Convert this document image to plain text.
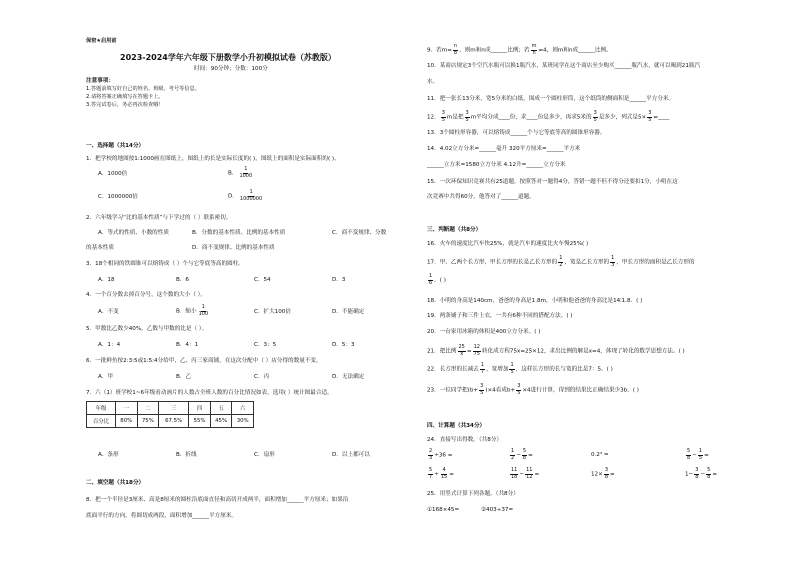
保密★启用前
2023-2024学年六年级下册数学小升初模拟试卷（苏教版）
时间：90分钟；分数：100分
注意事项：
1.答题前填写好自己的姓名、班级、考号等信息。
2.请将答案正确填写在答题卡上。
3.答完试卷后，务必再次检查哦！
一、选择题（共14分）
1．把学校的地图按1:1000画在图纸上，图纸上的长是实际长度的( )，图纸上的面积是实际面积的( )。
A．1000倍	B． $\frac{1}{1000}$
C．1000000倍	D． $\frac{1}{1000000}$
2．六年级学习“比的基本性质”与下学过的（ ）联系密切。
A．等式的性质、小数的性质	B．分数的基本性质、比例的基本性质	C．商不变规律、分数
的基本性质	D．商不变规律、比例的基本性质
3．18个相同的铁圆锥可以熔铸成（ ）个与它等底等高的圆柱。
A．18	B．6	C．54	D．3
4．一个百分数去掉百分号，这个数的大小（ ）。
A．不变	B．缩小 $\frac{1}{100}$	C．扩大100倍	D．不能确定
5．甲数比乙数少40%，乙数与甲数的比是（ ）。
A．1：4	B．4：1	C．3：5	D．5：3
6．一批鲜鱼按2:3:5或1:5:4分给甲、乙、丙三家商铺，在这次分配中（ ）店分得的数量不变。
A．甲	B．乙	C．丙	D．无法确定
7．六（1）班学校1~6年级看动画片的人数占全班人数的百分比情况如表，选用( ）统计图最合适。
年级	一	二	三	四	五	六
百分比	80%	75%	67.5%	55%	45%	30%
A．条形	B．折线	C．扇形	D．以上都可以
二、填空题（共18分）
8．把一个半径是3厘米、高是8厘米的圆柱沿底面直径和高切开成两半，面积增加______平方厘米；如果沿
底面平行的方向，将圆切成两段，面积增加______平方厘米。
9．若$m= \frac{n}{8}$ ，则m和n成______比例；若 $\frac{m}{n} =4$，则m和n成______比例。
10．某商店规定3个空汽水瓶可以换1瓶汽水，某班同学在这个商店至少购买______瓶汽水，就可以喝到21瓶汽
水。
11．把一张长13分米，宽5分米的白纸，围成一个圆柱形筒，这个纸筒的侧面积是______平方分米。
12． $\frac{3}{5}$ m是把 $\frac{3}{5}$ m平均分成____份，求____份是多少，再求5米的 $\frac{3}{5}$ 是多少，列式是$5\times \frac{3}{5}$ =____
13．3个圆柱形容器，可以熔铸成______个与它等底等高的圆锥形容器。
14．4.02立方分米=______毫升 320平方厘米=______平方米
______立方米=1580立方分米 4.12升=______立方分米
15．一次环保知识竞赛共有25道题，按照答对一题得4分，答错一题不但不得分还要扣1分，小明在这
次竞赛中共得60分，他答对了______道题。
三、判断题（共8分）
16．火车的速度比汽车快25%，就是汽车的速度比火车慢25%( )
17．甲、乙两个长方形，甲长方形的长是乙长方形的 $\frac{1}{2}$ ，宽是乙长方形的 $\frac{1}{3}$ ，甲长方形的面积是乙长方形的
$\frac{1}{6}$ 。( )
18．小明的身高是140cm，爸爸的身高是1.8m，小明和他爸爸的身高比是14∶1.8．( )
19．两条铺子和三件上衣，一共有6种不同的搭配方法。( )
20．一台家用冰箱的体积是400立方分米。( )
21．把比例 $\frac{25}{x} = \frac{12}{75}$ 转化成方程75x=25×12，求出比例的解是x=4，体现了转化的数学思想方法。( )
22．长方形的长减去 $\frac{1}{7}$ ，宽增加 $\frac{1}{5}$ ，这样长方形的长与宽的比是7：5。( )
23．一位同学把$(b+ \frac{3}{5} )\times 4$看成$b+ \frac{3}{5} \times 4$进行计算，得到的结果比正确结果少3b。( )
四、计算题（共34分）
24．直接写出得数。（共8分）
$\frac{2}{3} \div 36$ =	$\frac{1}{2} - \frac{5}{8}$ =	0.2³ =	$\frac{5}{8} - \frac{1}{5}$ =
$\frac{5}{7} \div \frac{4}{15}$ =	$\frac{11}{18} - \frac{11}{12}$ =	$12\times \frac{3}{8}$ =	$1- \frac{3}{8} - \frac{5}{8}$ =
25．用竖式计算下列各题。（共8分）
①168×45=	②403÷37=
